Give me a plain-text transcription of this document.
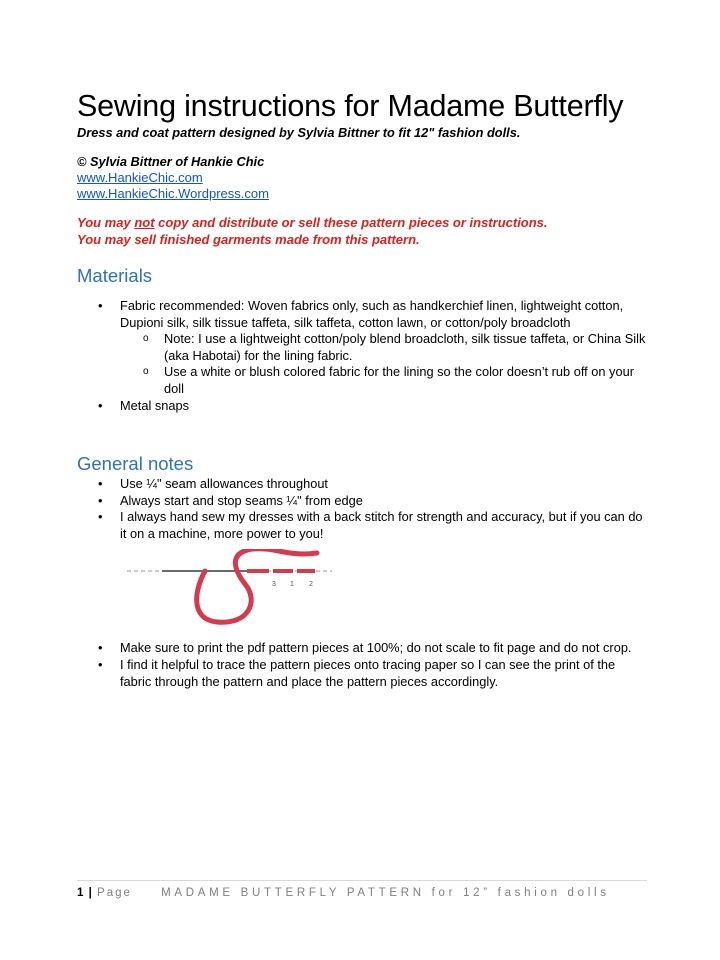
Sewing instructions for Madame Butterfly

Dress and coat pattern designed by Sylvia Bittner to fit 12" fashion dolls.

© Sylvia Bittner of Hankie Chic

www.HankieChic.com
www.HankieChic.Wordpress.com

You may not copy and distribute or sell these pattern pieces or instructions.
You may sell finished garments made from this pattern.

Materials
• Fabric recommended: Woven fabrics only, such as handkerchief linen, lightweight cotton, Dupioni silk, silk tissue taffeta, silk taffeta, cotton lawn, or cotton/poly broadcloth
o Note: I use a lightweight cotton/poly blend broadcloth, silk tissue taffeta, or China Silk (aka Habotai) for the lining fabric.
o Use a white or blush colored fabric for the lining so the color doesn’t rub off on your doll
• Metal snaps
General notes
• Use ¼" seam allowances throughout
• Always start and stop seams ¼" from edge
• I always hand sew my dresses with a back stitch for strength and accuracy, but if you can do it on a machine, more power to you!
3 1 2
• Make sure to print the pdf pattern pieces at 100%; do not scale to fit page and do not crop.
• I find it helpful to trace the pattern pieces onto tracing paper so I can see the print of the fabric through the pattern and place the pattern pieces accordingly.
1 | Page	MADAME BUTTERFLY PATTERN for 12” fashion dolls
